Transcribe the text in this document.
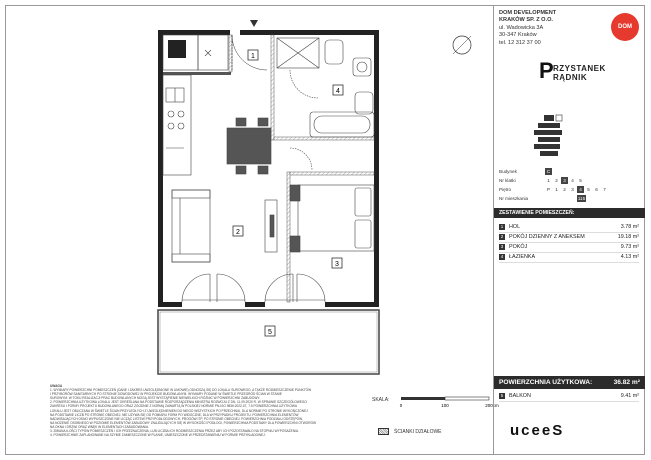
1
2
3
4
5
UWAGA
1. WYMIARY POWIERZCHNI POMIESZCZEŃ (DANE I ZAKRES UWZGLĘDNIONE W UMOWIE) ODNOSZĄ SIĘ DO LOKALU SUROWEGO, A TAKŻE ROZMIESZCZENIE PUNKTÓW
I PRZYBORÓW SANITARNYCH PO STRONIE DOWODOWEJ W PROJEKCIE BUDOWLANYM. WYMIARY PODANE W ŚWIETLE PRZEGRÓD ŚCIAN W STANIE
SUROWYM. W TOKU REALIZACJI PRAC BUDOWLANYCH MOGĄ JEST WYSTĄPIENIE NIEWIELKICH RÓŻNIC W POWIERZCHNI ZABUDOWY.
2. POWIERZCHNIA UŻYTKOWA LOKALU JEST OKREŚLANA NA PODSTAWIE ROZPORZĄDZENIA MINISTRA ROZWOJU Z DN. 11.09.2020 R. W SPRAWIE SZCZEGÓŁOWEGO
ZAKRESU I FORMY PROJEKTU BUDOWLANEGO ORAZ ZGODNIE Z NORMĄ ZAWARTĄ W POLSKIEJ NORMIE PN-ISO 9836:2022-07, 7.5 POWIERZCHNIA UŻYTKOWA
LOKALU JEST OBLICZANA W ŚWIETLE ŚCIAN PRZYLEGŁYCH Z UWZGLĘDNIENIEM DO NIEGO WSZYSTKICH PO PRZECHNIU, DLA NORMIE PO STRONIE WYKOŃCZONEJ
NA PODSTAWIE LICZB PO STRONIE OBECNEJ. NIE UŻYWA SIĘ OD POMIARU FORM PO WIDOCZNE, DLA W PRZYPADKU PROJEKTU. POWIERZCHNIA ELEMENTÓW
NADWISAJĄCYCH OKNO WYPUSZCZONE NIE LICZĄC LISTEW PRZYPODŁOGOWYCH, PROGÓW ITP. PO STRONIE OBECNEJ. POWIERZCHNIA PODZIAŁU ODSTĘPÓW,
NA NOŻENIE OSOBNEGO W POZIOMIE ELEMENTÓW ZABUDOWY ZNAJDUJĄCYCH SIĘ W WYSOKOŚCI PODŁOGI, POWIERZCHNIA PODSTAWY DLA POWIERZCHNI OTWORÓW
NA OKNA I DRZWI ORAZ WNĘK W ELEMENTACH ZABUDOWANIA.
3. ZMIANA ILOŚCI TYPÓW POMIESZCZEŃ I ICH PRZEZNACZENIA, LUB LICZBA ICH ROZMIESZCZENIA PRZEZ ABY ICH POZOSTAWAŁO NA STOPNIU WYPOSAŻENIA.
4. POWIERZCHNIE ZAPLANOWANE NA SZYBIE ZAMIESZCZONE W PLANIE, UMIESZCZONE W PRZEDSTAWIENIU W FORMIE PRZYKŁADOWEJ.
SKALA:
0	100	200cm
ŚCIANKI DZIAŁOWE
DOM DEVELOPMENT
KRAKÓW SP. Z O.O.
ul. Wadowicka 3A
30-347 Kraków
tel. 12 312 37 00
DOM
P RZYSTANEK
RĄDNIK
Budynek	C
Nr klatki	1	2	3	4	5
Piętro	P	1	2	3	4	5	6	7
Nr mieszkania	115
ZESTAWIENIE POMIESZCZEŃ:
1	HOL	3.78 m²
2	POKÓJ DZIENNY Z ANEKSEM	19.18 m²
3	POKÓJ	9.73 m²
4	ŁAZIENKA	4.13 m²
POWIERZCHNIA UŻYTKOWA:	36.82 m²
5	BALKON	9.41 m²
uceeS
